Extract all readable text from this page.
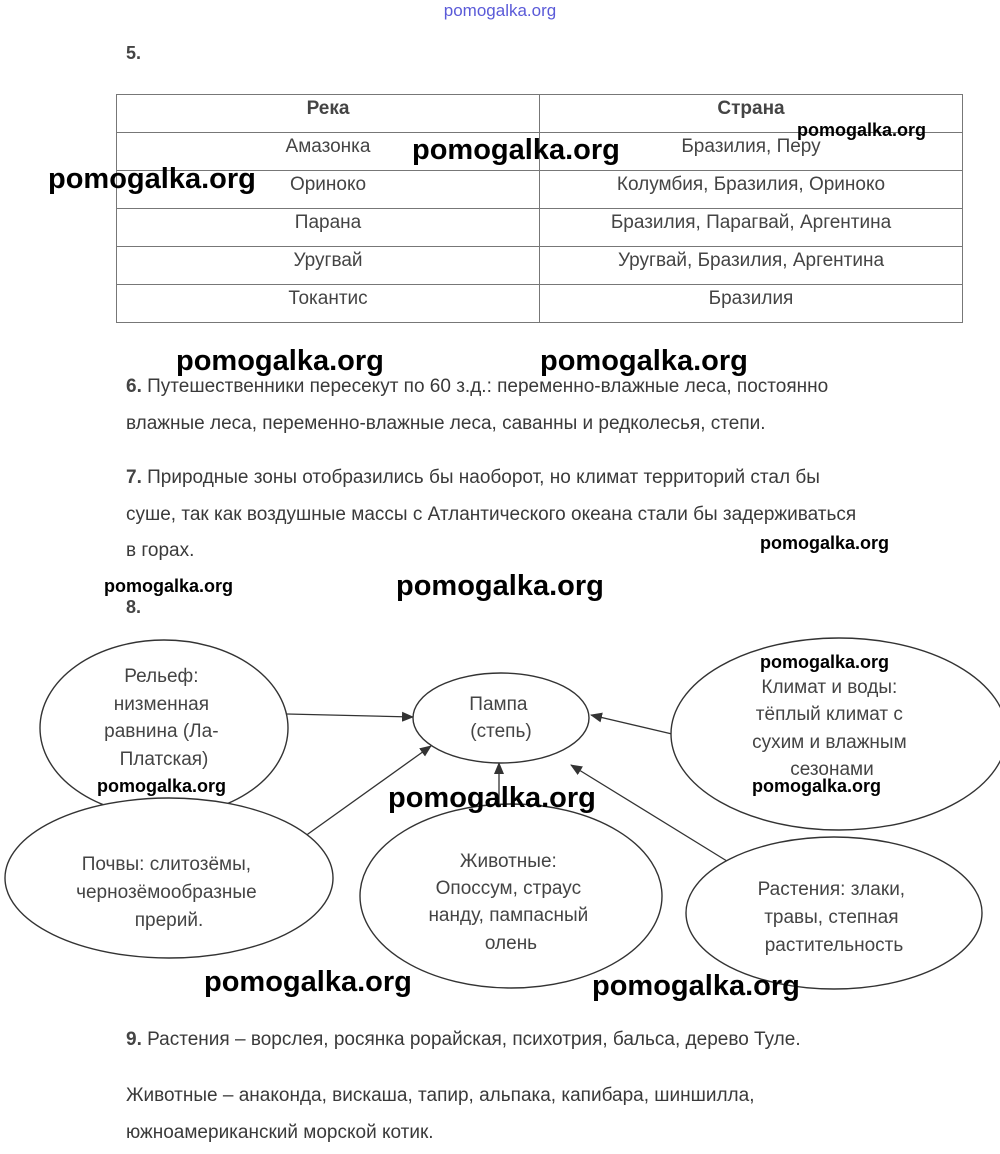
pomogalka.org
5.
Река	Страна
Амазонка	Бразилия, Перу
Ориноко	Колумбия, Бразилия, Ориноко
Парана	Бразилия, Парагвай, Аргентина
Уругвай	Уругвай, Бразилия, Аргентина
Токантис	Бразилия
6. Путешественники пересекут по 60 з.д.: переменно-влажные леса, постоянно
влажные леса, переменно-влажные леса, саванны и редколесья, степи.
7. Природные зоны отобразились бы наоборот, но климат территорий стал бы
суше, так как воздушные массы с Атлантического океана стали бы задерживаться
в горах.
8.
Пампа (степь)
Рельеф: низменная равнина (Ла- Платская)
Климат и воды: тёплый климат с сухим и влажным сезонами
Почвы: слитозёмы, чернозёмообразные прерий.
Животные: Опоссум, страус нанду, пампасный олень
Растения: злаки, травы, степная растительность
9. Растения – ворслея, росянка рорайская, психотрия, бальса, дерево Туле.
Животные – анаконда, вискаша, тапир, альпака, капибара, шиншилла,
южноамериканский морской котик.
pomogalka.org
pomogalka.org
pomogalka.org
pomogalka.org	pomogalka.org
pomogalka.org
pomogalka.org	pomogalka.org
pomogalka.org
pomogalka.org	pomogalka.org
pomogalka.org
pomogalka.org	pomogalka.org
